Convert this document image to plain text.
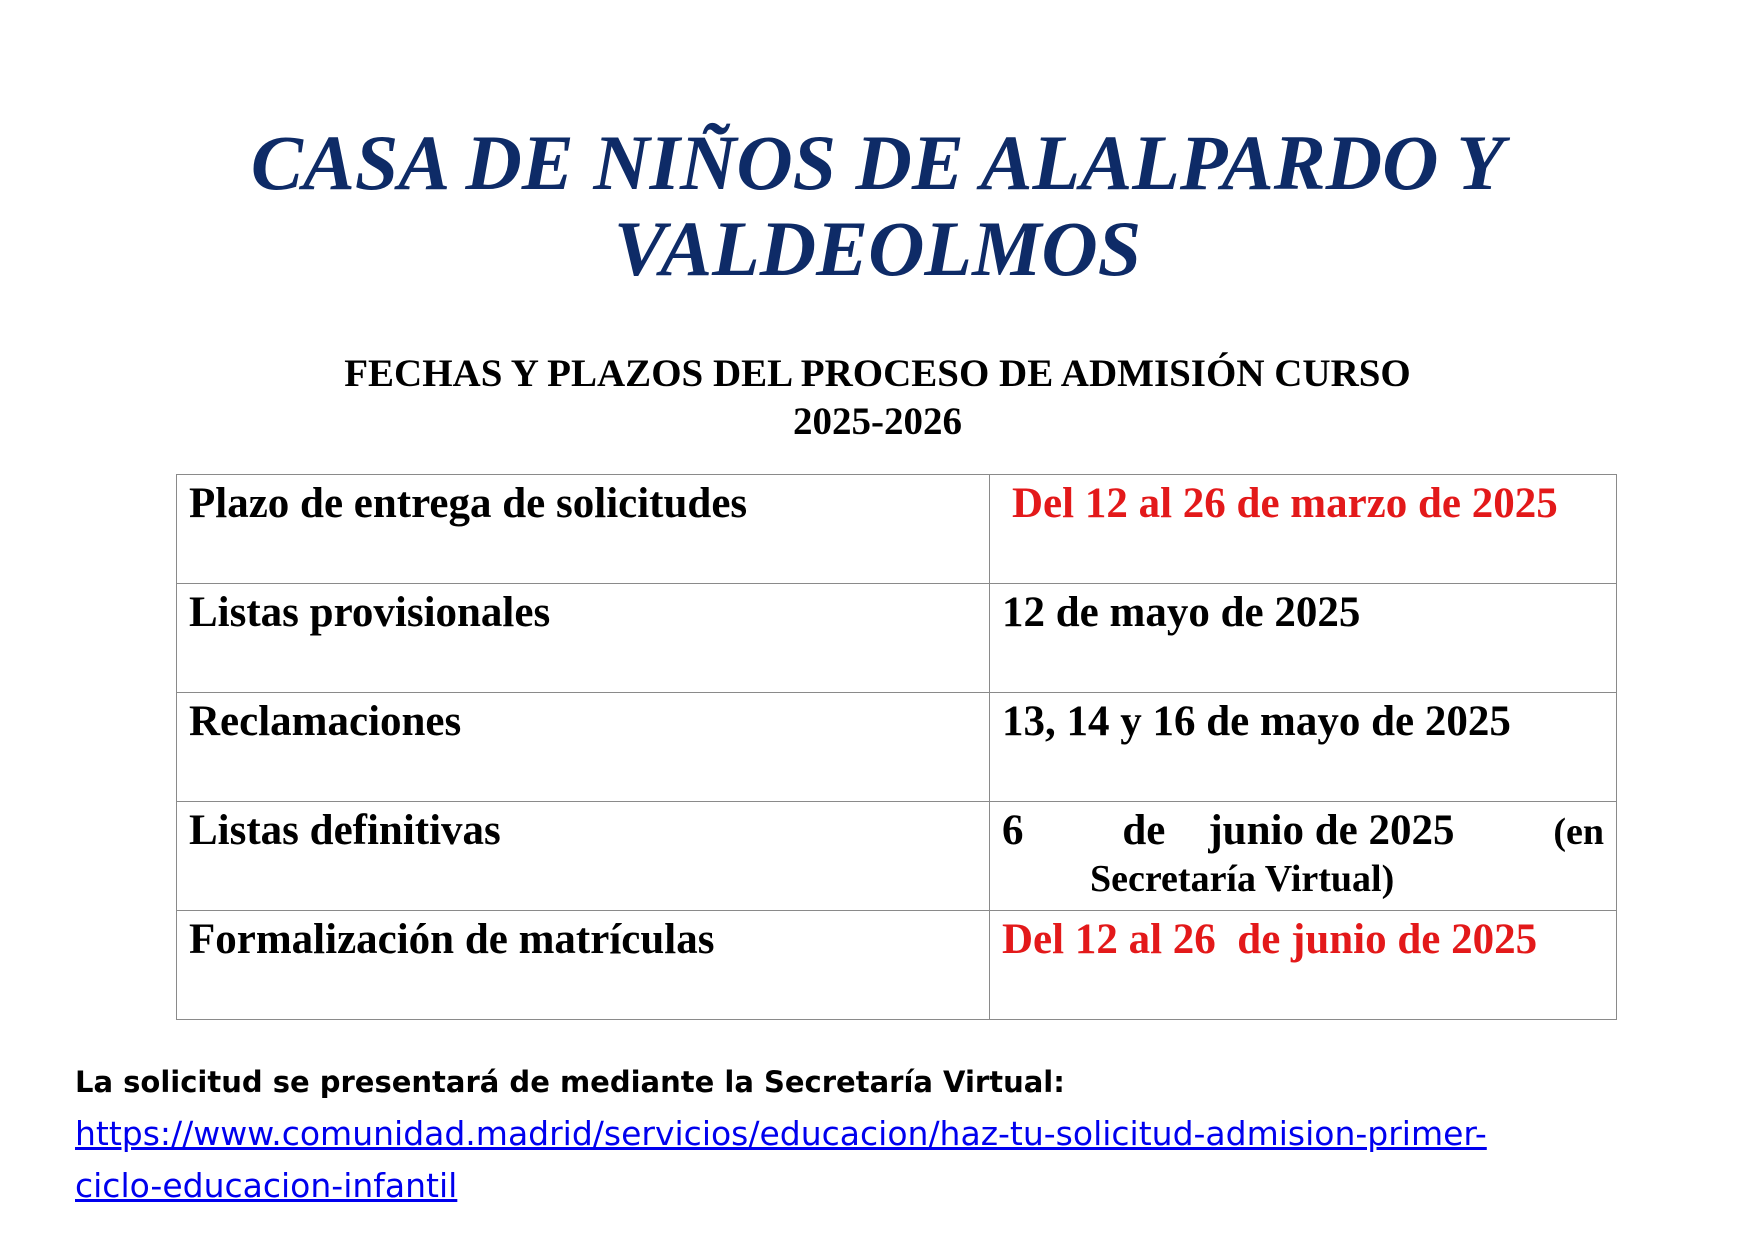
CASA DE NIÑOS DE ALALPARDO Y
VALDEOLMOS
FECHAS Y PLAZOS DEL PROCESO DE ADMISIÓN CURSO
2025-2026
Plazo de entrega de solicitudes	Del 12 al 26 de marzo de 2025
Listas provisionales	12 de mayo de 2025
Reclamaciones	13, 14 y 16 de mayo de 2025
Listas definitivas	6 de    junio de 2025 (en
Secretaría Virtual)

Formalización de matrículas	Del 12 al 26  de junio de 2025

La solicitud se presentará de mediante la Secretaría Virtual:

https://www.comunidad.madrid/servicios/educacion/haz-tu-solicitud-admision-primer-
ciclo-educacion-infantil
